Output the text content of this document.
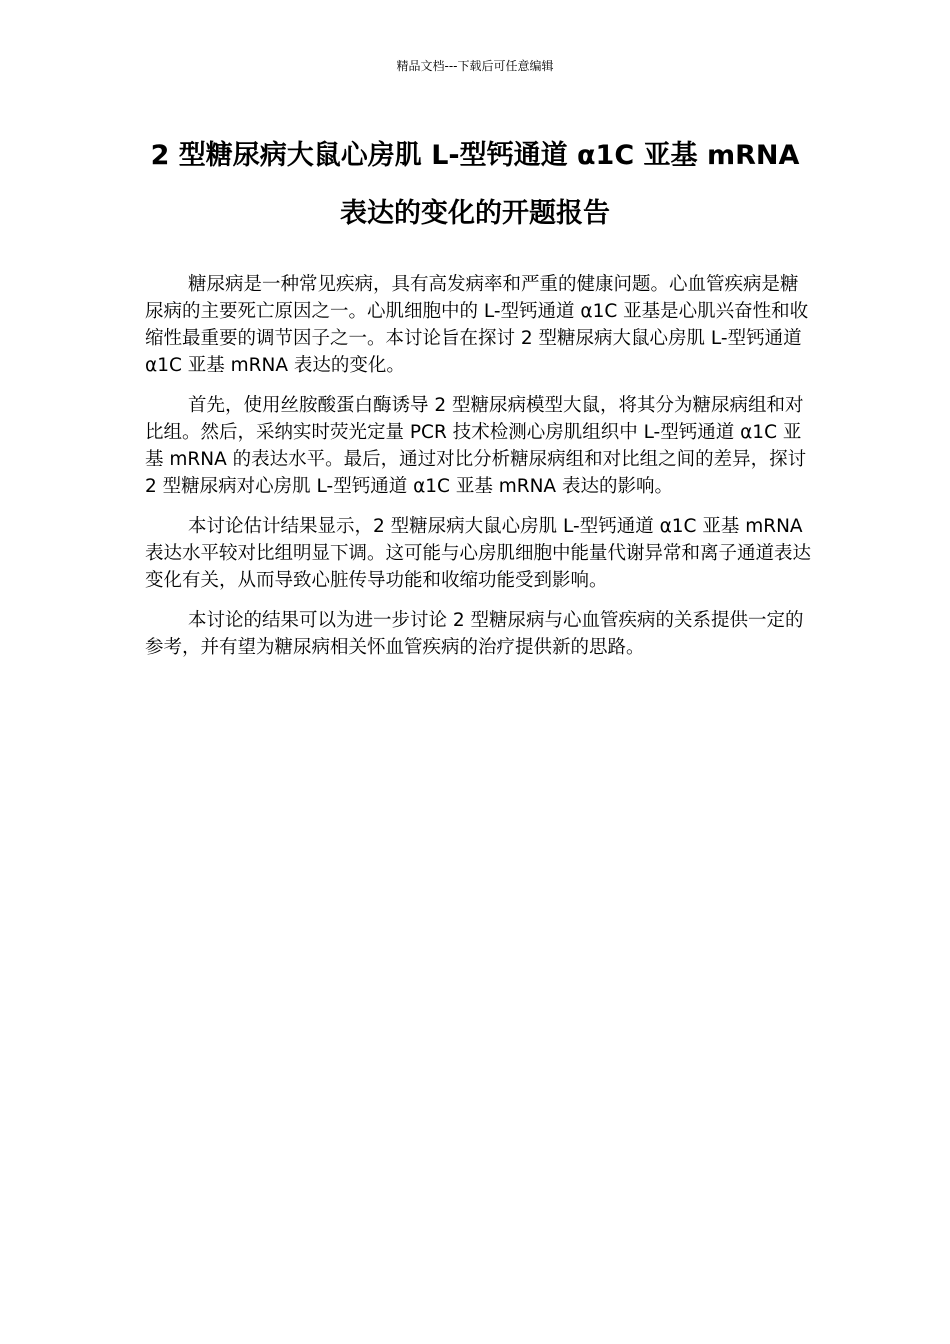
精品文档---下载后可任意编辑
2 型糖尿病大鼠心房肌 L-型钙通道 α1C 亚基 mRNA
表达的变化的开题报告

糖尿病是一种常见疾病，具有高发病率和严重的健康问题。心血管疾病是糖尿病的主要死亡原因之一。心肌细胞中的 L-型钙通道 α1C 亚基是心肌兴奋性和收缩性最重要的调节因子之一。本讨论旨在探讨 2 型糖尿病大鼠心房肌 L-型钙通道 α1C 亚基 mRNA 表达的变化。

首先，使用丝胺酸蛋白酶诱导 2 型糖尿病模型大鼠，将其分为糖尿病组和对比组。然后，采纳实时荧光定量 PCR 技术检测心房肌组织中 L-型钙通道 α1C 亚基 mRNA 的表达水平。最后，通过对比分析糖尿病组和对比组之间的差异，探讨 2 型糖尿病对心房肌 L-型钙通道 α1C 亚基 mRNA 表达的影响。

本讨论估计结果显示，2 型糖尿病大鼠心房肌 L-型钙通道 α1C 亚基 mRNA 表达水平较对比组明显下调。这可能与心房肌细胞中能量代谢异常和离子通道表达变化有关，从而导致心脏传导功能和收缩功能受到影响。

本讨论的结果可以为进一步讨论 2 型糖尿病与心血管疾病的关系提供一定的参考，并有望为糖尿病相关怀血管疾病的治疗提供新的思路。
